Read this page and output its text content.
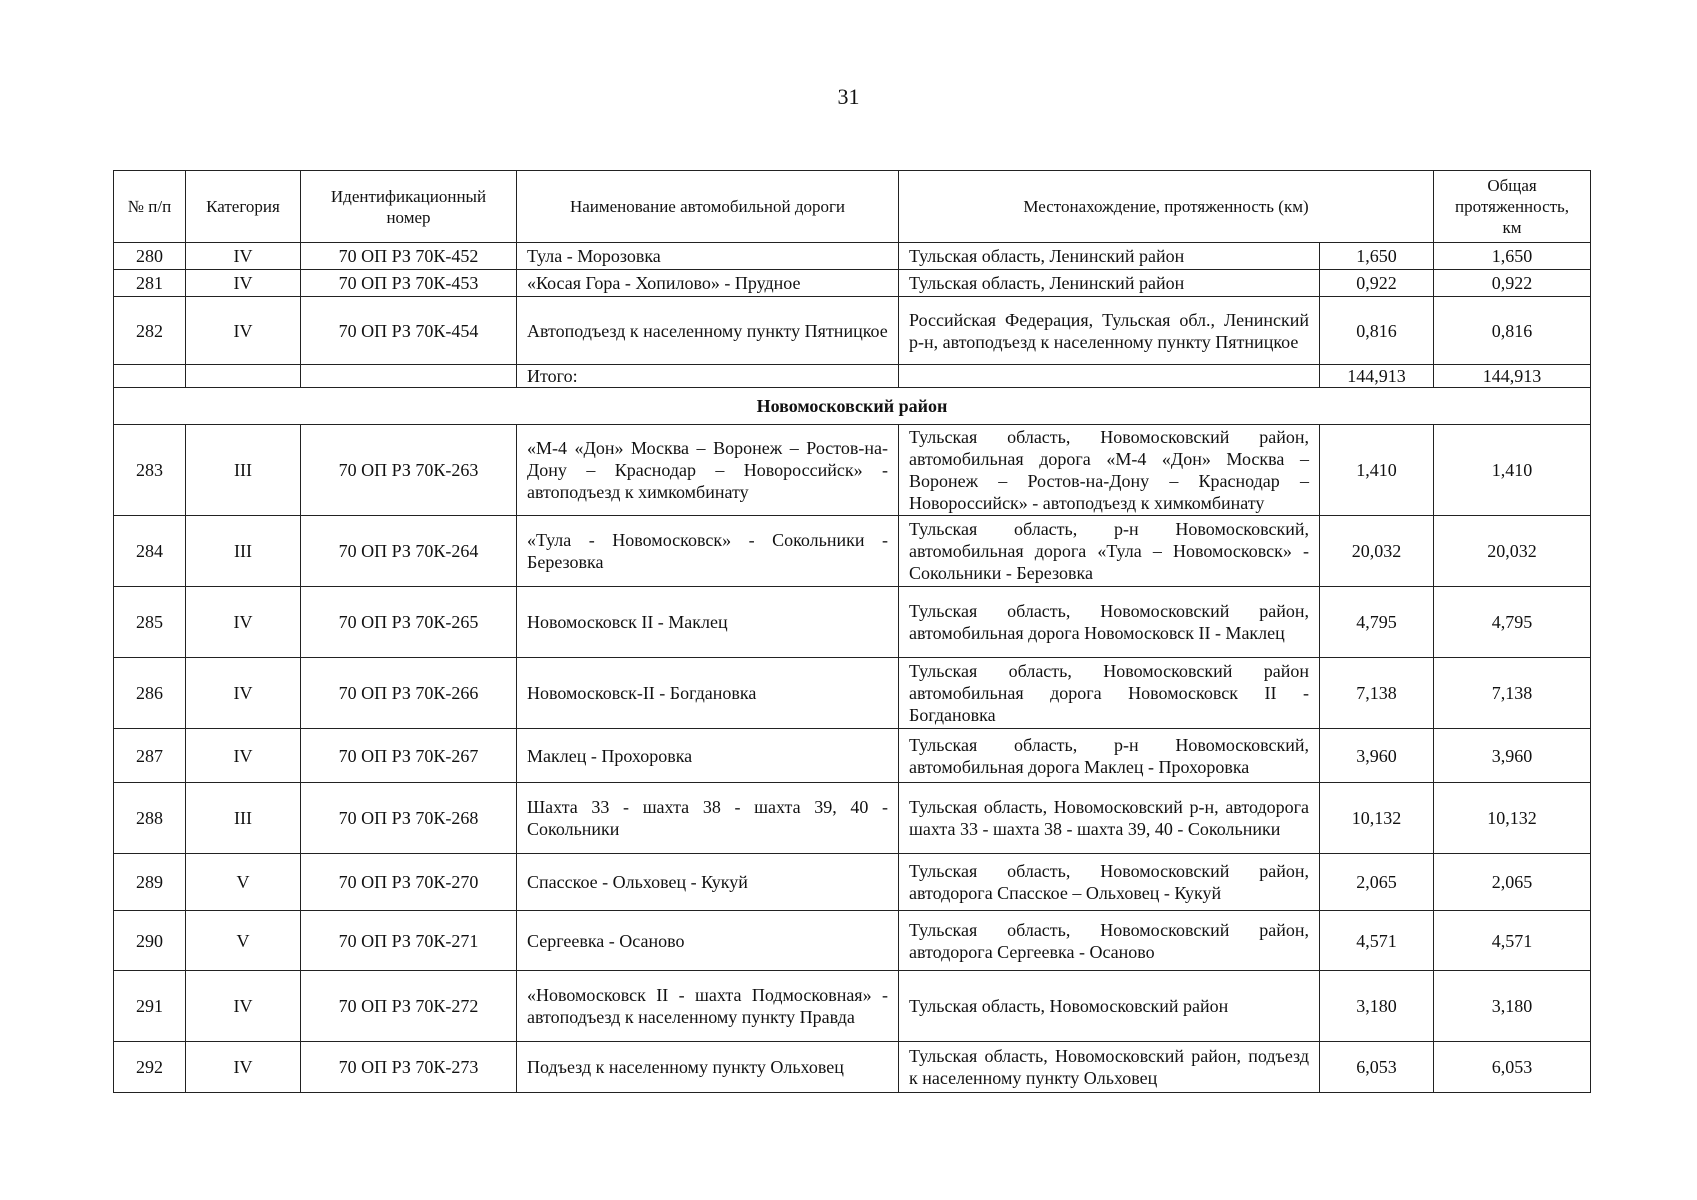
31
№ п/п	Категория	Идентификационный номер	Наименование автомобильной дороги	Местонахождение, протяженность (км)		Общая протяженность, км
280	IV	70 ОП РЗ 70К-452	Тула - Морозовка	Тульская область, Ленинский район	1,650	1,650
281	IV	70 ОП РЗ 70К-453	«Косая Гора - Хопилово» - Прудное	Тульская область, Ленинский район	0,922	0,922
282	IV	70 ОП РЗ 70К-454	Автоподъезд к населенному пункту Пятницкое	Российская Федерация, Тульская обл., Ленинский р-н, автоподъезд к населенному пункту Пятницкое	0,816	0,816
			Итого:		144,913	144,913
Новомосковский район						
283	III	70 ОП РЗ 70К-263	«М-4 «Дон» Москва – Воронеж – Ростов-на-Дону – Краснодар – Новороссийск» - автоподъезд к химкомбинату	Тульская область, Новомосковский район, автомобильная дорога «М-4 «Дон» Москва – Воронеж – Ростов-на-Дону – Краснодар – Новороссийск» - автоподъезд к химкомбинату	1,410	1,410
284	III	70 ОП РЗ 70К-264	«Тула - Новомосковск» - Сокольники - Березовка	Тульская область, р-н Новомосковский, автомобильная дорога «Тула – Новомосковск» - Сокольники - Березовка	20,032	20,032
285	IV	70 ОП РЗ 70К-265	Новомосковск II - Маклец	Тульская область, Новомосковский район, автомобильная дорога Новомосковск II - Маклец	4,795	4,795
286	IV	70 ОП РЗ 70К-266	Новомосковск-II - Богдановка	Тульская область, Новомосковский район автомобильная дорога Новомосковск II - Богдановка	7,138	7,138
287	IV	70 ОП РЗ 70К-267	Маклец - Прохоровка	Тульская область, р-н Новомосковский, автомобильная дорога Маклец - Прохоровка	3,960	3,960
288	III	70 ОП РЗ 70К-268	Шахта 33 - шахта 38 - шахта 39, 40 - Сокольники	Тульская область, Новомосковский р-н, автодорога шахта 33 - шахта 38 - шахта 39, 40 - Сокольники	10,132	10,132
289	V	70 ОП РЗ 70К-270	Спасское - Ольховец - Кукуй	Тульская область, Новомосковский район, автодорога Спасское – Ольховец - Кукуй	2,065	2,065
290	V	70 ОП РЗ 70К-271	Сергеевка - Осаново	Тульская область, Новомосковский район, автодорога Сергеевка - Осаново	4,571	4,571
291	IV	70 ОП РЗ 70К-272	«Новомосковск II - шахта Подмосковная» - автоподъезд к населенному пункту Правда	Тульская область, Новомосковский район	3,180	3,180
292	IV	70 ОП РЗ 70К-273	Подъезд к населенному пункту Ольховец	Тульская область, Новомосковский район, подъезд к населенному пункту Ольховец	6,053	6,053
